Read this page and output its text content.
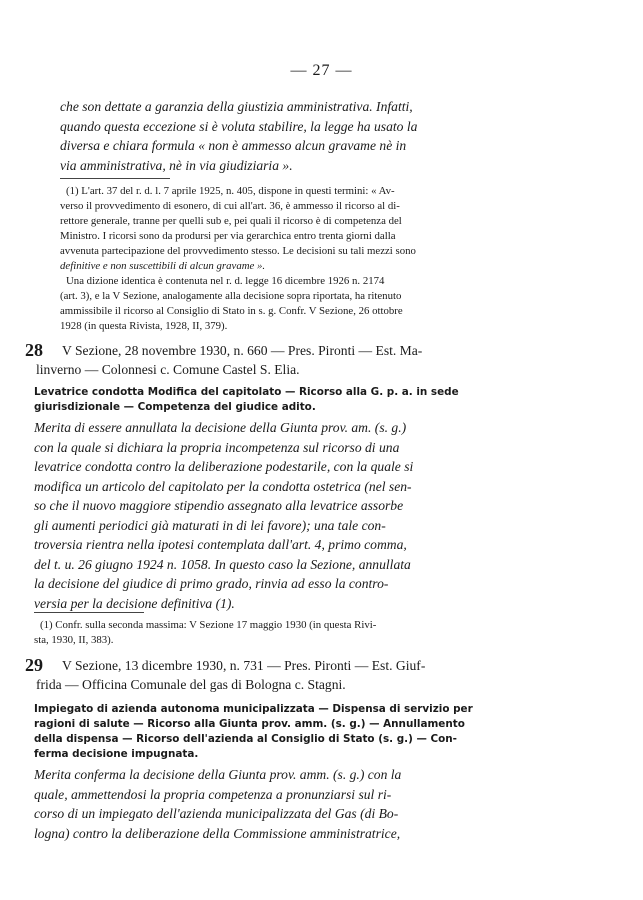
— 27 —
che son dettate a garanzia della giustizia amministrativa. Infatti,
quando questa eccezione si è voluta stabilire, la legge ha usato la
diversa e chiara formula « non è ammesso alcun gravame nè in
via amministrativa, nè in via giudiziaria ».
(1) L'art. 37 del r. d. l. 7 aprile 1925, n. 405, dispone in questi termini: « Av-
verso il provvedimento di esonero, di cui all'art. 36, è ammesso il ricorso al di-
rettore generale, tranne per quelli sub e, pei quali il ricorso è di competenza del
Ministro. I ricorsi sono da prodursi per via gerarchica entro trenta giorni dalla
avvenuta partecipazione del provvedimento stesso. Le decisioni su tali mezzi sono
definitive e non suscettibili di alcun gravame ».
Una dizione identica è contenuta nel r. d. legge 16 dicembre 1926 n. 2174
(art. 3), e la V Sezione, analogamente alla decisione sopra riportata, ha ritenuto
ammissibile il ricorso al Consiglio di Stato in s. g. Confr. V Sezione, 26 ottobre
1928 (in questa Rivista, 1928, II, 379).
28 V Sezione, 28 novembre 1930, n. 660 — Pres. Pironti — Est. Ma-
linverno — Colonnesi c. Comune Castel S. Elia.
Levatrice condotta Modifica del capitolato — Ricorso alla G. p. a. in sede
giurisdizionale — Competenza del giudice adito.
Merita di essere annullata la decisione della Giunta prov. am. (s. g.)
con la quale si dichiara la propria incompetenza sul ricorso di una
levatrice condotta contro la deliberazione podestarile, con la quale si
modifica un articolo del capitolato per la condotta ostetrica (nel sen-
so che il nuovo maggiore stipendio assegnato alla levatrice assorbe
gli aumenti periodici già maturati in di lei favore); una tale con-
troversia rientra nella ipotesi contemplata dall'art. 4, primo comma,
del t. u. 26 giugno 1924 n. 1058. In questo caso la Sezione, annullata
la decisione del giudice di primo grado, rinvia ad esso la contro-
versia per la decisione definitiva (1).
(1) Confr. sulla seconda massima: V Sezione 17 maggio 1930 (in questa Rivi-
sta, 1930, II, 383).
29 V Sezione, 13 dicembre 1930, n. 731 — Pres. Pironti — Est. Giuf-
frida — Officina Comunale del gas di Bologna c. Stagni.
Impiegato di azienda autonoma municipalizzata — Dispensa di servizio per
ragioni di salute — Ricorso alla Giunta prov. amm. (s. g.) — Annullamento
della dispensa — Ricorso dell'azienda al Consiglio di Stato (s. g.) — Con-
ferma decisione impugnata.
Merita conferma la decisione della Giunta prov. amm. (s. g.) con la
quale, ammettendosi la propria competenza a pronunziarsi sul ri-
corso di un impiegato dell'azienda municipalizzata del Gas (di Bo-
logna) contro la deliberazione della Commissione amministratrice,
